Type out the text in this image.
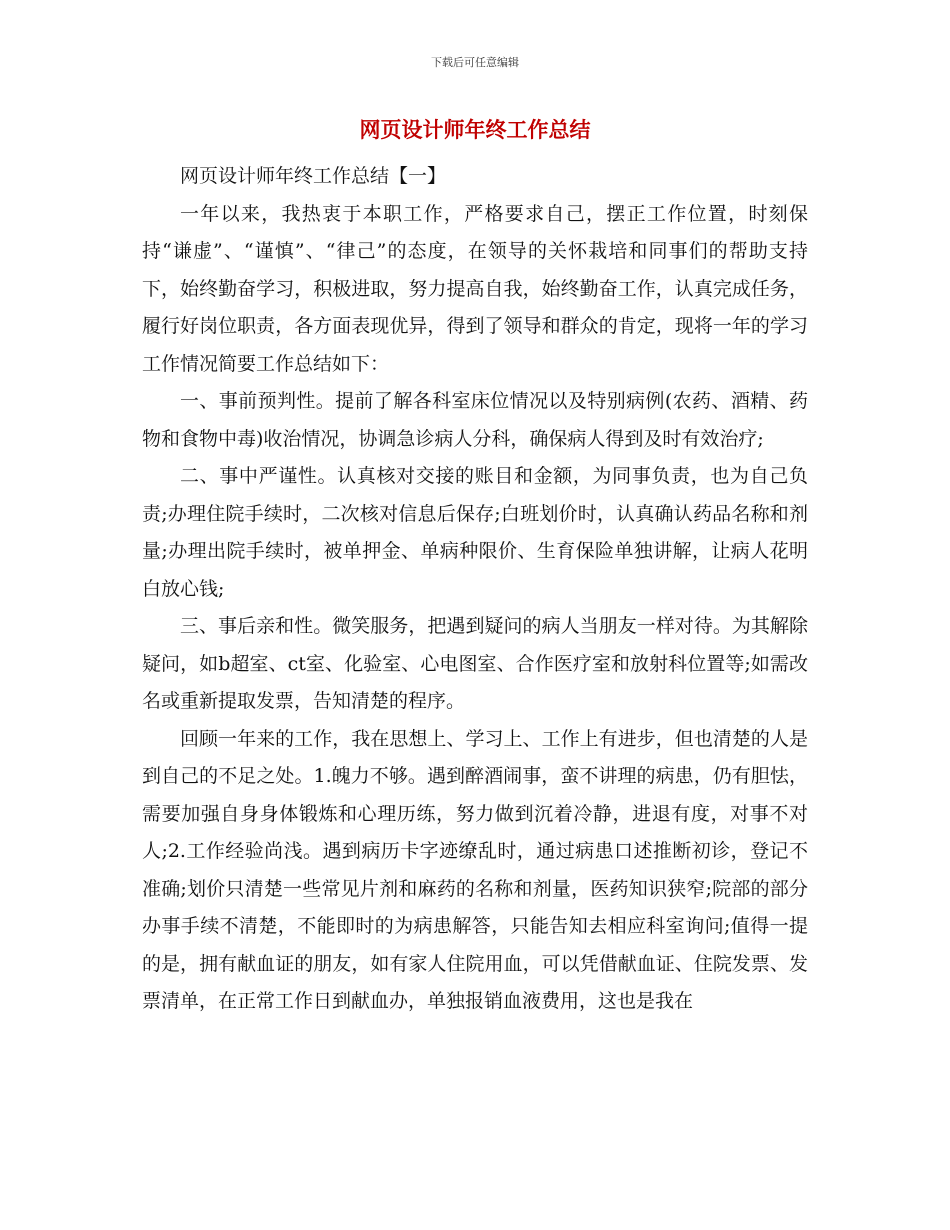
下载后可任意编辑
网页设计师年终工作总结

网页设计师年终工作总结【一】

一年以来，我热衷于本职工作，严格要求自己，摆正工作位置，时刻保持“谦虚”、“谨慎”、“律己”的态度，在领导的关怀栽培和同事们的帮助支持下，始终勤奋学习，积极进取，努力提高自我，始终勤奋工作，认真完成任务，履行好岗位职责，各方面表现优异，得到了领导和群众的肯定，现将一年的学习工作情况简要工作总结如下：

一、事前预判性。提前了解各科室床位情况以及特别病例(农药、酒精、药物和食物中毒)收治情况，协调急诊病人分科，确保病人得到及时有效治疗;

二、事中严谨性。认真核对交接的账目和金额，为同事负责，也为自己负责;办理住院手续时，二次核对信息后保存;白班划价时，认真确认药品名称和剂量;办理出院手续时，被单押金、单病种限价、生育保险单独讲解，让病人花明白放心钱;

三、事后亲和性。微笑服务，把遇到疑问的病人当朋友一样对待。为其解除疑问，如b超室、ct室、化验室、心电图室、合作医疗室和放射科位置等;如需改名或重新提取发票，告知清楚的程序。

回顾一年来的工作，我在思想上、学习上、工作上有进步，但也清楚的人是到自己的不足之处。1.魄力不够。遇到醉酒闹事，蛮不讲理的病患，仍有胆怯，需要加强自身身体锻炼和心理历练，努力做到沉着冷静，进退有度，对事不对人;2.工作经验尚浅。遇到病历卡字迹缭乱时，通过病患口述推断初诊，登记不准确;划价只清楚一些常见片剂和麻药的名称和剂量，医药知识狭窄;院部的部分办事手续不清楚，不能即时的为病患解答，只能告知去相应科室询问;值得一提的是，拥有献血证的朋友，如有家人住院用血，可以凭借献血证、住院发票、发票清单，在正常工作日到献血办，单独报销血液费用，这也是我在
